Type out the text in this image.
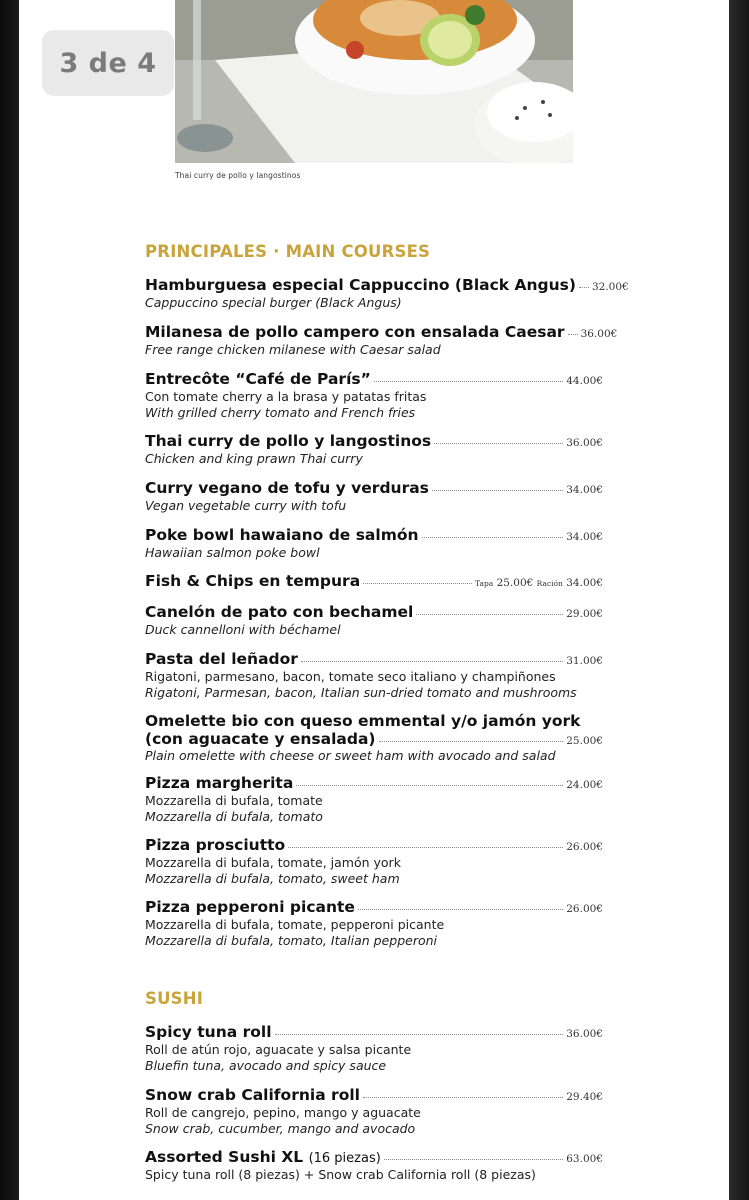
Thai curry de pollo y langostinos
3 de 4
PRINCIPALES · MAIN COURSES
Hamburguesa especial Cappuccino (Black Angus) 32.00€
Cappuccino special burger (Black Angus)
Milanesa de pollo campero con ensalada Caesar 36.00€
Free range chicken milanese with Caesar salad
Entrecôte “Café de París”	44.00€
Con tomate cherry a la brasa y patatas fritas
With grilled cherry tomato and French fries
Thai curry de pollo y langostinos	36.00€
Chicken and king prawn Thai curry
Curry vegano de tofu y verduras	34.00€
Vegan vegetable curry with tofu
Poke bowl hawaiano de salmón	34.00€
Hawaiian salmon poke bowl
Fish & Chips en tempura	Tapa 25.00€ Ración 34.00€
Canelón de pato con bechamel	29.00€
Duck cannelloni with béchamel
Pasta del leñador	31.00€
Rigatoni, parmesano, bacon, tomate seco italiano y champiñones
Rigatoni, Parmesan, bacon, Italian sun-dried tomato and mushrooms
Omelette bio con queso emmental y/o jamón york
(con aguacate y ensalada)	25.00€
Plain omelette with cheese or sweet ham with avocado and salad
Pizza margherita	24.00€
Mozzarella di bufala, tomate
Mozzarella di bufala, tomato
Pizza prosciutto	26.00€
Mozzarella di bufala, tomate, jamón york
Mozzarella di bufala, tomato, sweet ham
Pizza pepperoni picante	26.00€
Mozzarella di bufala, tomate, pepperoni picante
Mozzarella di bufala, tomato, Italian pepperoni
SUSHI
Spicy tuna roll	36.00€
Roll de atún rojo, aguacate y salsa picante
Bluefin tuna, avocado and spicy sauce
Snow crab California roll	29.40€
Roll de cangrejo, pepino, mango y aguacate
Snow crab, cucumber, mango and avocado
Assorted Sushi XL (16 piezas)	63.00€
Spicy tuna roll (8 piezas) + Snow crab California roll (8 piezas)
